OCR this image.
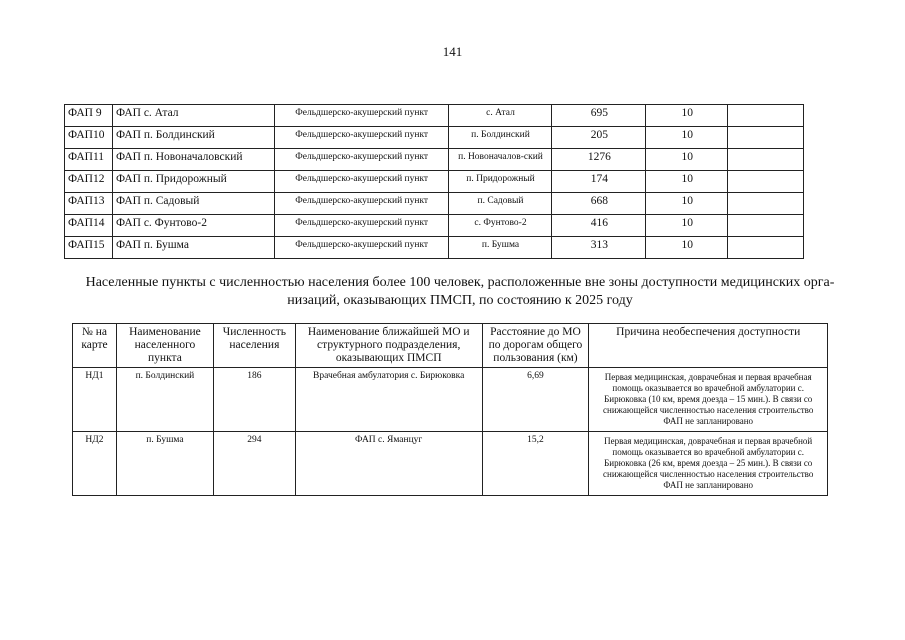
141
ФАП 9	ФАП с. Атал	Фельдшерско-акушерский пункт	с. Атал	695	10	
ФАП10	ФАП п. Болдинский	Фельдшерско-акушерский пункт	п. Болдинский	205	10	
ФАП11	ФАП п. Новоначаловский	Фельдшерско-акушерский пункт	п. Новоначалов-ский	1276	10	
ФАП12	ФАП п. Придорожный	Фельдшерско-акушерский пункт	п. Придорожный	174	10	
ФАП13	ФАП п. Садовый	Фельдшерско-акушерский пункт	п. Садовый	668	10	
ФАП14	ФАП с. Фунтово-2	Фельдшерско-акушерский пункт	с. Фунтово-2	416	10	
ФАП15	ФАП п. Бушма	Фельдшерско-акушерский пункт	п. Бушма	313	10	
Населенные пункты с численностью населения более 100 человек, расположенные вне зоны доступности медицинских орга-
низаций, оказывающих ПМСП, по состоянию к 2025 году
№ на карте	Наименование населенного пункта	Численность населения	Наименование ближайшей МО и структурного подразделения, оказывающих ПМСП	Расстояние до МО по дорогам общего пользования (км)	Причина необеспечения доступности
НД1	п. Болдинский	186	Врачебная амбулатория с. Бирюковка	6,69	Первая медицинская, доврачебная и первая врачебная помощь оказывается во врачебной амбулатории с. Бирюковка (10 км, время доезда – 15 мин.). В связи со снижающейся численностью населения строительство ФАП не запланировано
НД2	п. Бушма	294	ФАП с. Яманцуг	15,2	Первая медицинская, доврачебная и первая врачебной помощь оказывается во врачебной амбулатории с. Бирюковка (26 км, время доезда – 25 мин.). В связи со снижающейся численностью населения строительство ФАП не запланировано
